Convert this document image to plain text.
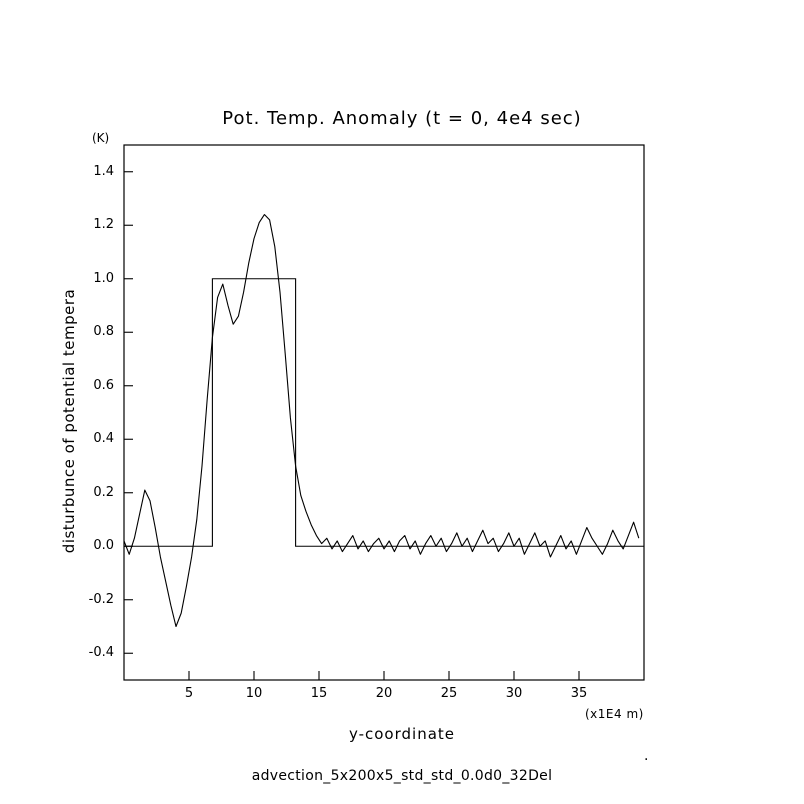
Pot. Temp. Anomaly (t = 0, 4e4 sec)
(K)
disturbunce of potential tempera
y-coordinate
(x1E4 m)
.
advection_5x200x5_std_std_0.0d0_32Del
5	10	15	20	25	30	35
-0.4
-0.2
0.0
0.2
0.4
0.6
0.8
1.0
1.2
1.4
